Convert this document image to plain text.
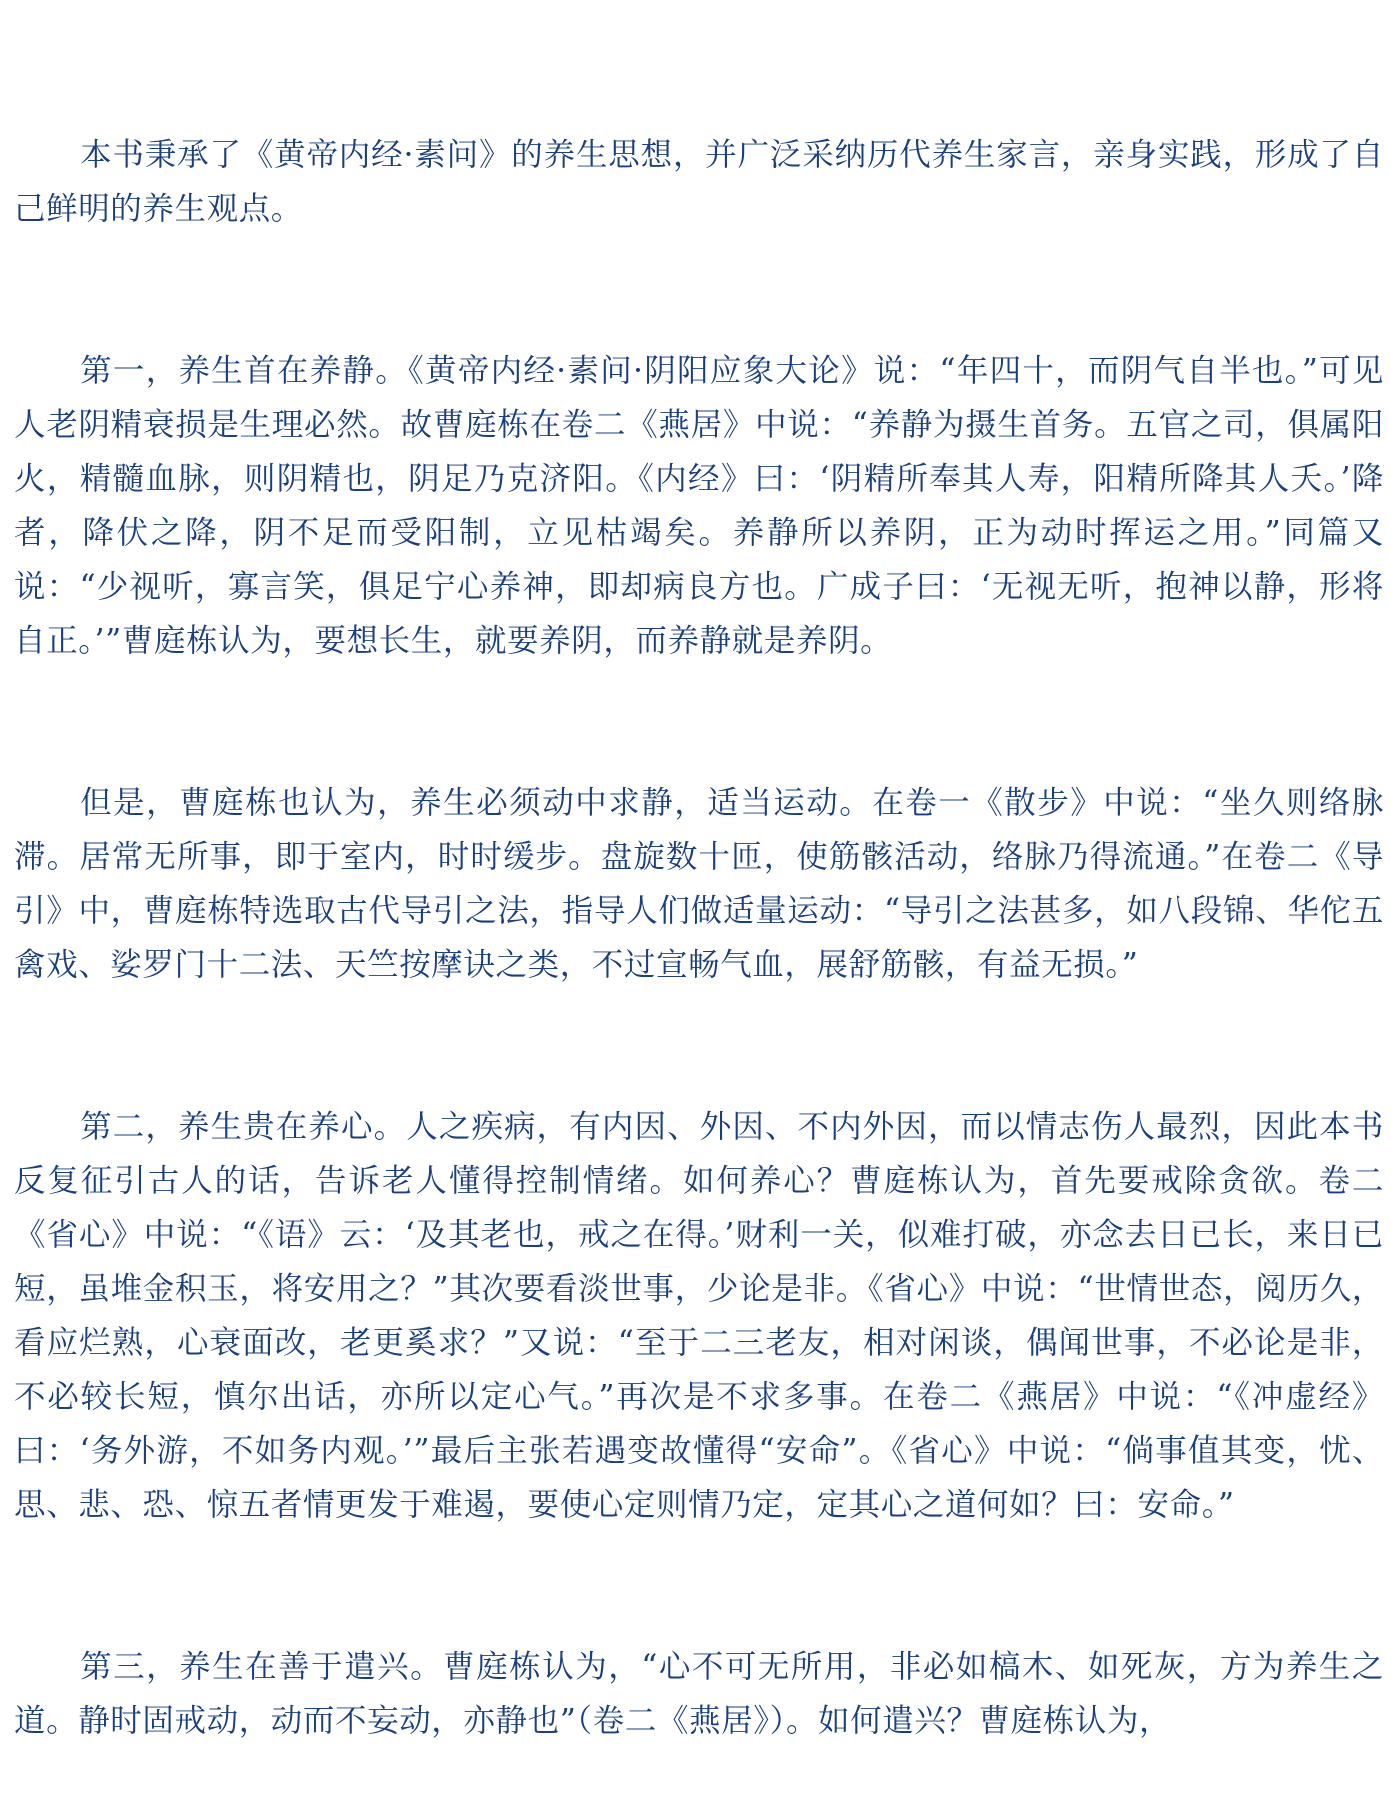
本书秉承了《黄帝内经·素问》的养生思想，并广泛采纳历代养生家言，亲身实践，形成了自己鲜明的养生观点。

第一，养生首在养静。《黄帝内经·素问·阴阳应象大论》说：“年四十，而阴气自半也。”可见人老阴精衰损是生理必然。故曹庭栋在卷二《燕居》中说：“养静为摄生首务。五官之司，俱属阳火，精髓血脉，则阴精也，阴足乃克济阳。《内经》曰：‘阴精所奉其人寿，阳精所降其人夭。’降者，降伏之降，阴不足而受阳制，立见枯竭矣。养静所以养阴，正为动时挥运之用。”同篇又说：“少视听，寡言笑，俱足宁心养神，即却病良方也。广成子曰：‘无视无听，抱神以静，形将自正。’”曹庭栋认为，要想长生，就要养阴，而养静就是养阴。

但是，曹庭栋也认为，养生必须动中求静，适当运动。在卷一《散步》中说：“坐久则络脉滞。居常无所事，即于室内，时时缓步。盘旋数十匝，使筋骸活动，络脉乃得流通。”在卷二《导引》中，曹庭栋特选取古代导引之法，指导人们做适量运动：“导引之法甚多，如八段锦、华佗五禽戏、娑罗门十二法、天竺按摩诀之类，不过宣畅气血，展舒筋骸，有益无损。”

第二，养生贵在养心。人之疾病，有内因、外因、不内外因，而以情志伤人最烈，因此本书反复征引古人的话，告诉老人懂得控制情绪。如何养心？曹庭栋认为，首先要戒除贪欲。卷二《省心》中说：“《语》云：‘及其老也，戒之在得。’财利一关，似难打破，亦念去日已长，来日已短，虽堆金积玉，将安用之？”其次要看淡世事，少论是非。《省心》中说：“世情世态，阅历久，看应烂熟，心衰面改，老更奚求？”又说：“至于二三老友，相对闲谈，偶闻世事，不必论是非，不必较长短，慎尔出话，亦所以定心气。”再次是不求多事。在卷二《燕居》中说：“《冲虚经》曰：‘务外游，不如务内观。’”最后主张若遇变故懂得“安命”。《省心》中说：“倘事值其变，忧、思、悲、恐、惊五者情更发于难遏，要使心定则情乃定，定其心之道何如？曰：安命。”

第三，养生在善于遣兴。曹庭栋认为，“心不可无所用，非必如槁木、如死灰，方为养生之道。静时固戒动，动而不妄动，亦静也”（卷二《燕居》）。如何遣兴？曹庭栋认为，
